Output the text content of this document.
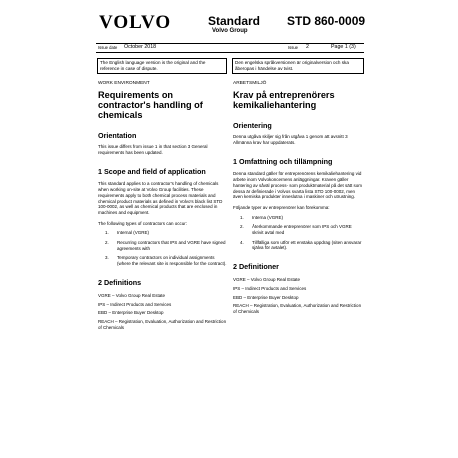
VOLVO	Standard
Volvo Group
STD 860-0009
Issue date October 2018	Issue 2	Page 1 (3)
The English language version is the original and the reference in case of dispute.
Den engelska språkversionen är originalversion och ska åberopas i händelse av tvist.
WORK ENVIRONMENT
Requirements on contractor's handling of chemicals
Orientation

This issue differs from issue 1 in that section 3 General requirements has been updated.

1 Scope and field of application

This standard applies to a contractor's handling of chemicals when working on-site at Volvo Group facilities. These requirements apply to both chemical process materials and chemical product materials as defined in Volvo's black list STD 100-0002, as well as chemical products that are enclosed in machines and equipment.

The following types of contractors can occur:

1.	Internal (VGRE)
2.	Recurring contractors that IPS and VGRE have signed agreements with
3.	Temporary contractors on individual assignments (where the relevant site is responsible for the contract).
2 Definitions

VGRE – Volvo Group Real Estate

IPS – Indirect Products and Services

EBD – Enterprise Buyer Desktop

REACH – Registration, Evaluation, Authorization and Restriction of Chemicals

ARBETSMILJÖ
Krav på entreprenörers kemikaliehantering
Orientering

Denna utgåva skiljer sig från utgåva 1 genom att avsnitt 3 Allmänna krav har uppdaterats.

1 Omfattning och tillämpning

Denna standard gäller för entreprenörens kemikaliehantering vid arbete inom Volvokoncernens anläggningar. Kraven gäller hantering av såväl process- som produktmaterial på det sätt som dessa är definierade i Volvos svarta lista STD 100-0002, men även kemiska produkter inneslutna i maskiner och utrustning.

Följande typer av entreprenörer kan förekomma:

1.	Interna (VGRE)
2.	Återkommande entreprenörer som IPS och VGRE skrivit avtal med
4.	Tillfälliga som utför ett enstaka uppdrag (siten ansvarar själva för avtalet).
2 Definitioner

VGRE – Volvo Group Real Estate

IPS – Indirect Products and Services

EBD – Enterprise Buyer Desktop

REACH – Registration, Evaluation, Authorization and Restriction of Chemicals
